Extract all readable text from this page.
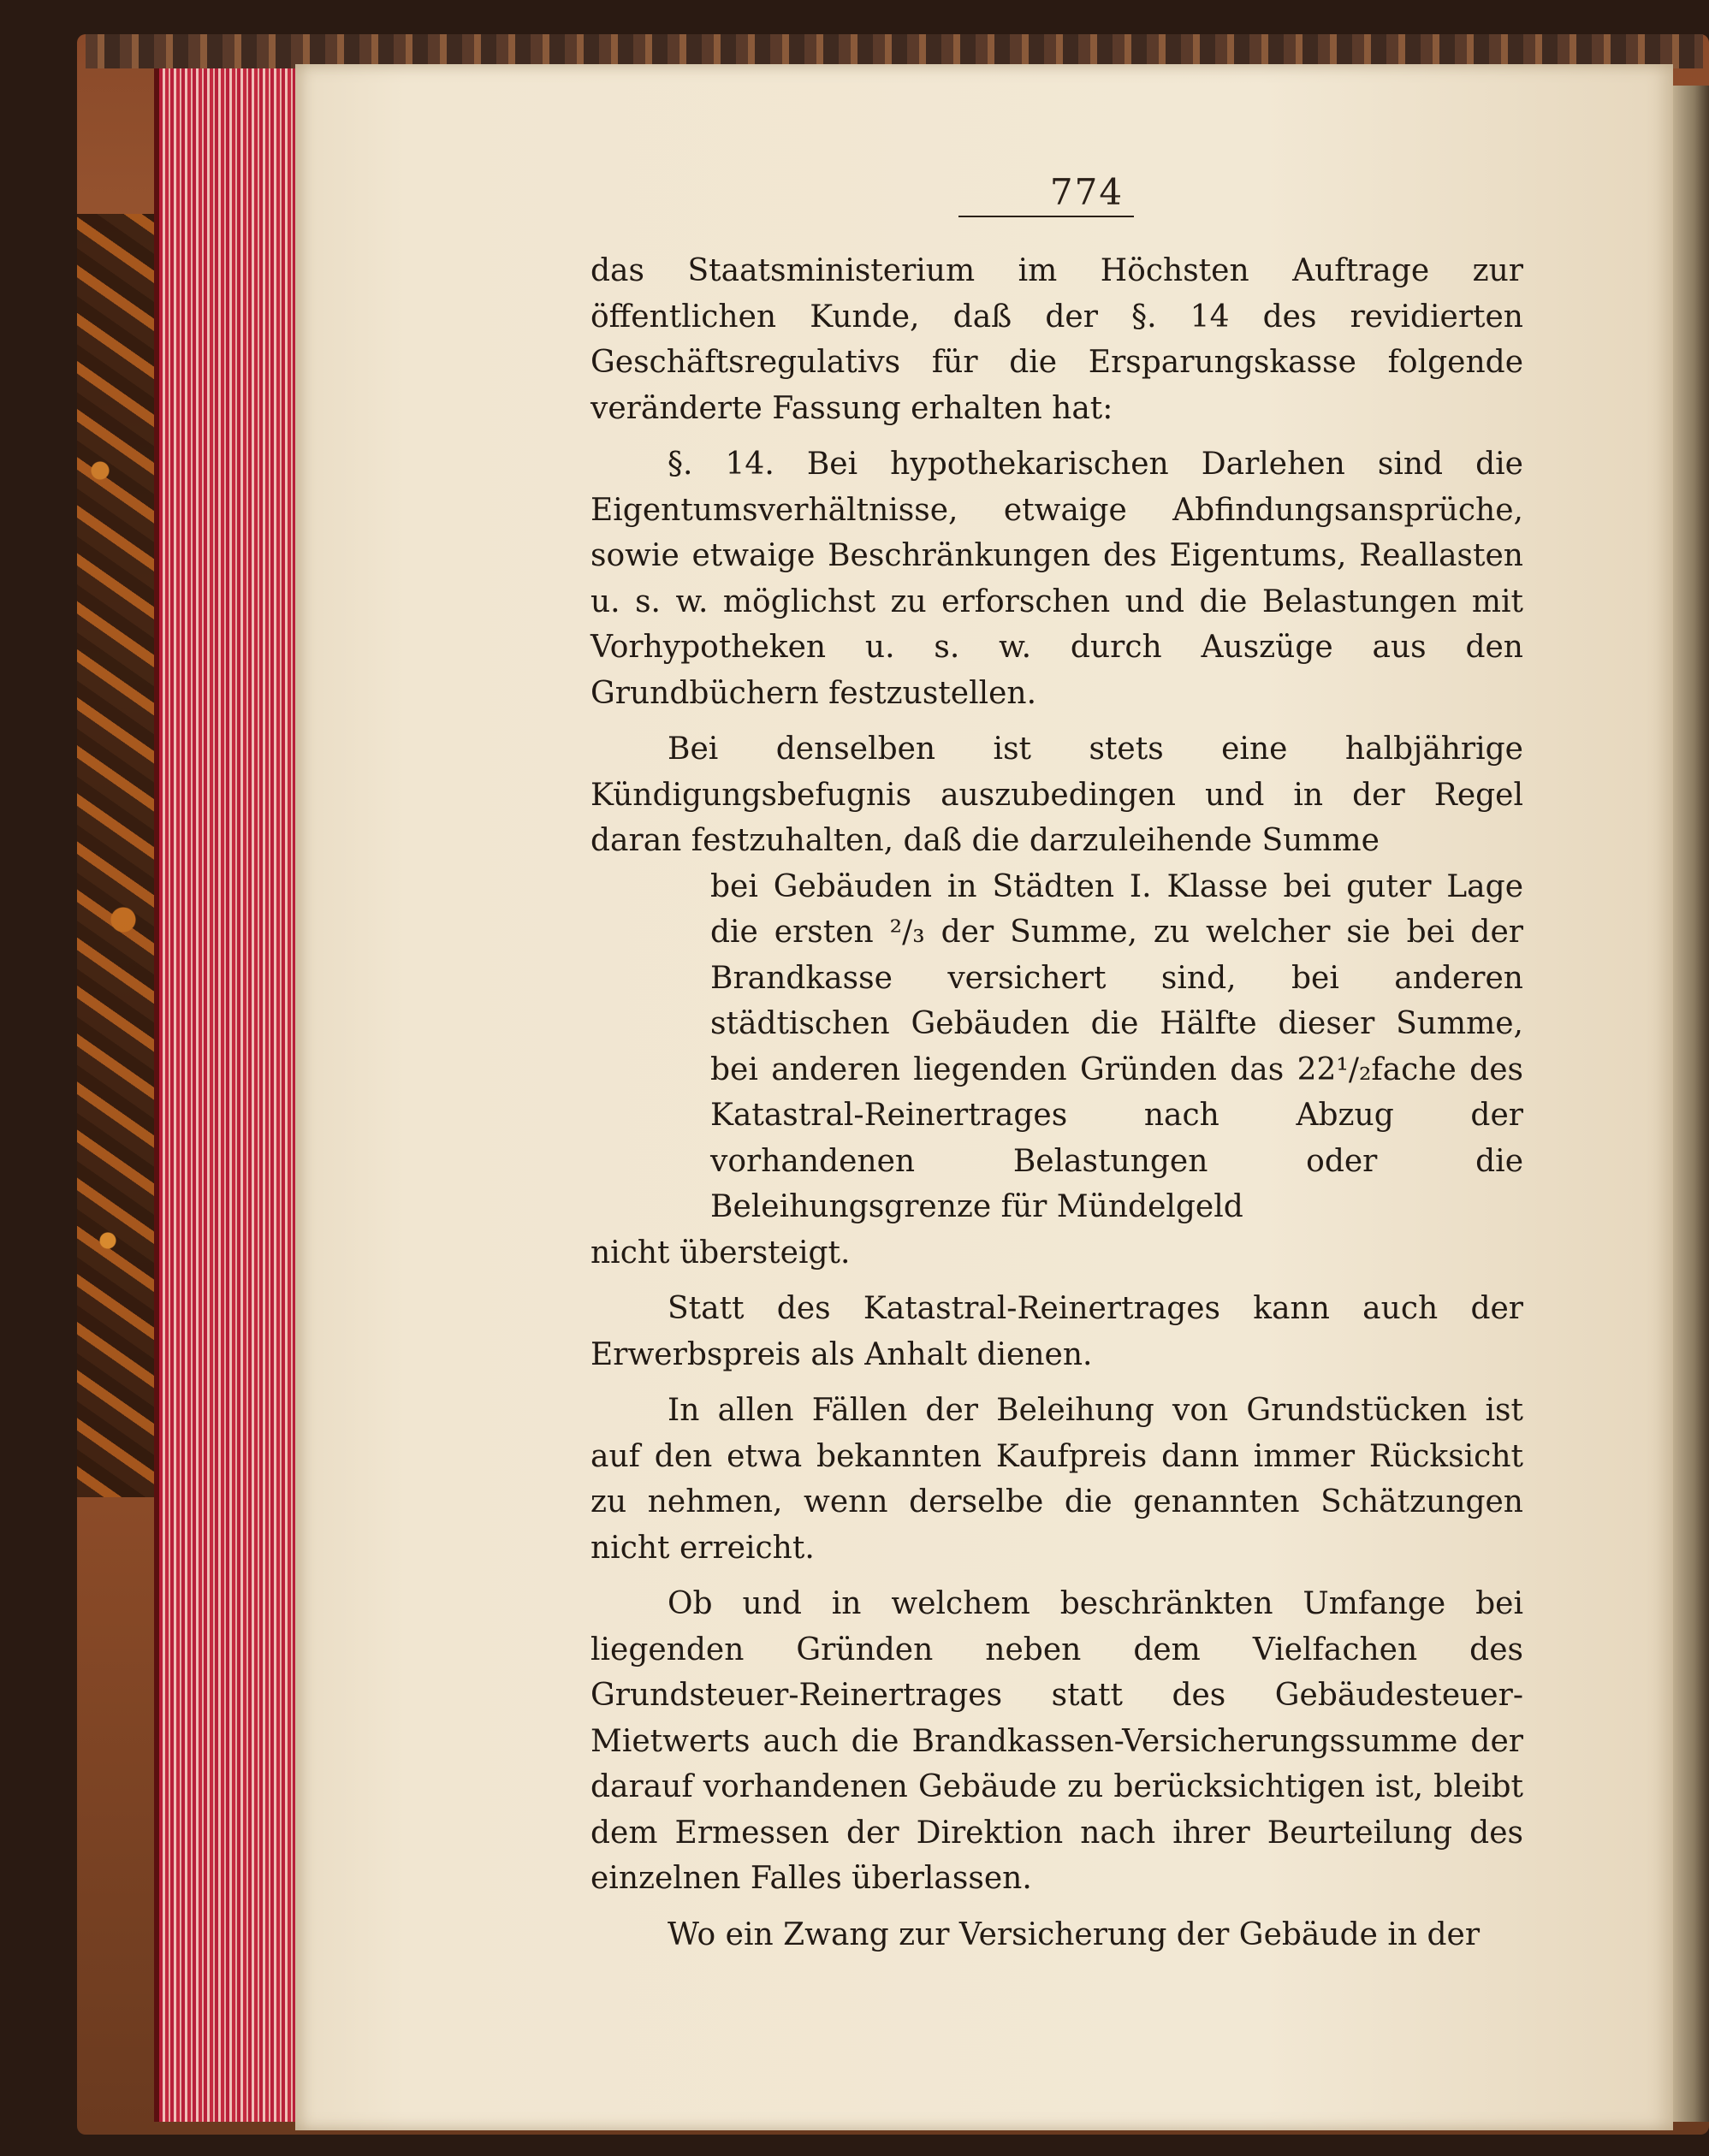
774

das Staatsministerium im Höchsten Auftrage zur öffentlichen Kunde, daß der §. 14 des revidierten Geschäftsregulativs für die Ersparungskasse folgende veränderte Fassung erhalten hat:

§. 14. Bei hypothekarischen Darlehen sind die Eigentumsverhältnisse, etwaige Abfindungsansprüche, sowie etwaige Beschränkungen des Eigentums, Reallasten u. s. w. möglichst zu erforschen und die Belastungen mit Vorhypotheken u. s. w. durch Auszüge aus den Grundbüchern festzustellen.

Bei denselben ist stets eine halbjährige Kündigungsbefugnis auszubedingen und in der Regel daran festzuhalten, daß die darzuleihende Summe

bei Gebäuden in Städten I. Klasse bei guter Lage die ersten ²/₃ der Summe, zu welcher sie bei der Brandkasse versichert sind, bei anderen städtischen Gebäuden die Hälfte dieser Summe, bei anderen liegenden Gründen das 22¹/₂fache des Katastral-Reinertrages nach Abzug der vorhandenen Belastungen oder die Beleihungsgrenze für Mündelgeld

nicht übersteigt.

Statt des Katastral-Reinertrages kann auch der Erwerbspreis als Anhalt dienen.

In allen Fällen der Beleihung von Grundstücken ist auf den etwa bekannten Kaufpreis dann immer Rücksicht zu nehmen, wenn derselbe die genannten Schätzungen nicht erreicht.

Ob und in welchem beschränkten Umfange bei liegenden Gründen neben dem Vielfachen des Grundsteuer-Reinertrages statt des Gebäudesteuer-Mietwerts auch die Brandkassen-Versicherungssumme der darauf vorhandenen Gebäude zu berücksichtigen ist, bleibt dem Ermessen der Direktion nach ihrer Beurteilung des einzelnen Falles überlassen.

Wo ein Zwang zur Versicherung der Gebäude in der
